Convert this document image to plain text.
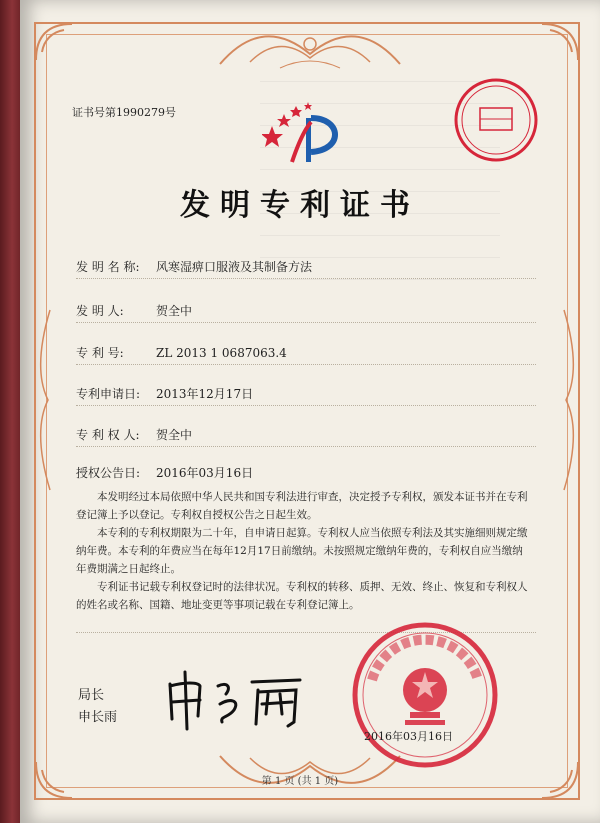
证书号第1990279号
发明专利证书
发 明 名 称: 风寒湿痹口服液及其制备方法
发 明 人:	贺全中
专 利 号:	ZL 2013 1 0687063.4
专利申请日: 2013年12月17日
专 利 权 人: 贺全中
授权公告日: 2016年03月16日

本发明经过本局依照中华人民共和国专利法进行审查，决定授予专利权，颁发本证书并在专利登记簿上予以登记。专利权自授权公告之日起生效。

本专利的专利权期限为二十年，自申请日起算。专利权人应当依照专利法及其实施细则规定缴纳年费。本专利的年费应当在每年12月17日前缴纳。未按照规定缴纳年费的，专利权自应当缴纳年费期满之日起终止。

专利证书记载专利权登记时的法律状况。专利权的转移、质押、无效、终止、恢复和专利权人的姓名或名称、国籍、地址变更等事项记载在专利登记簿上。

局长
申长雨
2016年03月16日
第 1 页 (共 1 页)
